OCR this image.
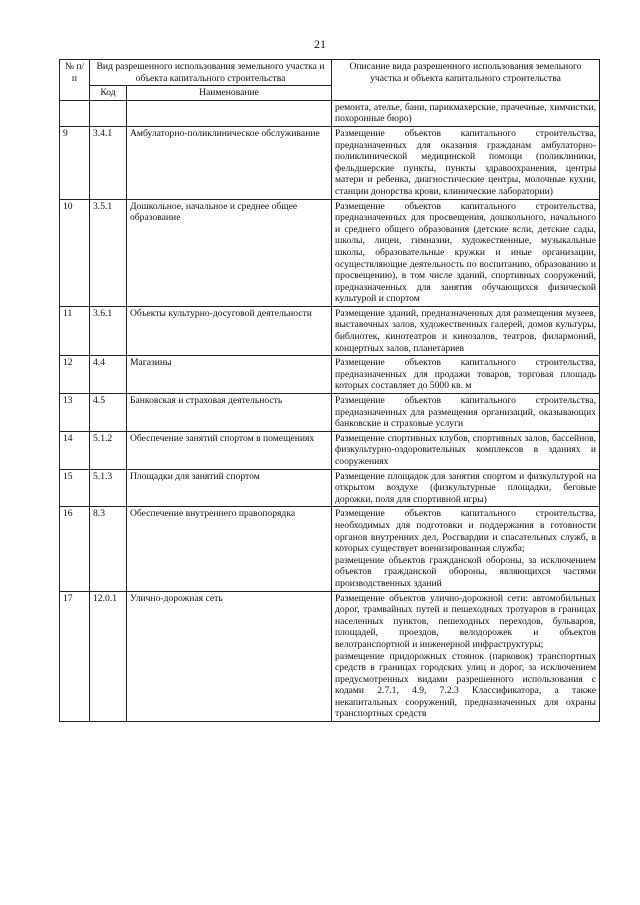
21
№ п/п	Вид разрешенного использования земельного участка и объекта капитального строительства		Описание вида разрешенного использования земельного участка и объекта капитального строительства
	Код	Наименование	
			ремонта, ателье, бани, парикмахерские, прачечные, химчистки, похоронные бюро)
9	3.4.1	Амбулаторно-поликлиническое обслуживание	Размещение объектов капитального строительства, предназначенных для оказания гражданам амбулаторно-поликлинической медицинской помощи (поликлиники, фельдшерские пункты, пункты здравоохранения, центры матери и ребенка, диагностические центры, молочные кухни, станции донорства крови, клинические лаборатории)
10	3.5.1	Дошкольное, начальное и среднее общее образование	Размещение объектов капитального строительства, предназначенных для просвещения, дошкольного, начального и среднего общего образования (детские ясли, детские сады, школы, лицеи, гимназии, художественные, музыкальные школы, образовательные кружки и иные организации, осуществляющие деятельность по воспитанию, образованию и просвещению), в том числе зданий, спортивных сооружений, предназначенных для занятия обучающихся физической культурой и спортом
11	3.6.1	Объекты культурно-досуговой деятельности	Размещение зданий, предназначенных для размещения музеев, выставочных залов, художественных галерей, домов культуры, библиотек, кинотеатров и кинозалов, театров, филармоний, концертных залов, планетариев
12	4.4	Магазины	Размещение объектов капитального строительства, предназначенных для продажи товаров, торговая площадь которых составляет до 5000 кв. м
13	4.5	Банковская и страховая деятельность	Размещение объектов капитального строительства, предназначенных для размещения организаций, оказывающих банковские и страховые услуги
14	5.1.2	Обеспечение занятий спортом в помещениях	Размещение спортивных клубов, спортивных залов, бассейнов, физкультурно-оздоровительных комплексов в зданиях и сооружениях
15	5.1.3	Площадки для занятий спортом	Размещение площадок для занятия спортом и физкультурой на открытом воздухе (физкультурные площадки, беговые дорожки, поля для спортивной игры)
16	8.3	Обеспечение внутреннего правопорядка	Размещение объектов капитального строительства, необходимых для подготовки и поддержания в готовности органов внутренних дел, Росгвардии и спасательных служб, в которых существует военизированная служба;
размещение объектов гражданской обороны, за исключением объектов гражданской обороны, являющихся частями производственных зданий
17	12.0.1	Улично-дорожная сеть	Размещение объектов улично-дорожной сети: автомобильных дорог, трамвайных путей и пешеходных тротуаров в границах населенных пунктов, пешеходных переходов, бульваров, площадей, проездов, велодорожек и объектов велотранспортной и инженерной инфраструктуры;
размещение придорожных стоянок (парковок) транспортных средств в границах городских улиц и дорог, за исключением предусмотренных видами разрешенного использования с кодами 2.7.1, 4.9, 7.2.3 Классификатора, а также некапитальных сооружений, предназначенных для охраны транспортных средств
